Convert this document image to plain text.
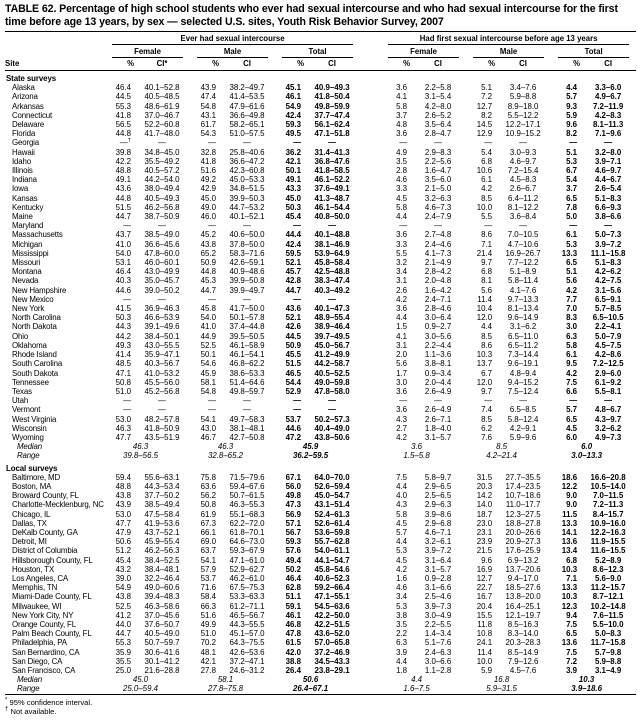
TABLE 62. Percentage of high school students who ever had sexual intercourse and who had sexual intercourse for the first time before age 13 years, by sex — selected U.S. sites, Youth Risk Behavior Survey, 2007

	Ever had sexual intercourse							Had first sexual intercourse before age 13 years					

	Female		Male		Total			Female		Male		Total	

Site	%	CI*	%	CI	%	CI		%	CI	%	CI	%	CI
State surveys													
Alaska	46.4	40.1–52.8	43.9	38.2–49.7	45.1	40.9–49.3		3.6	2.2–5.8	5.1	3.4–7.6	4.4	3.3–6.0
Arizona	44.5	40.5–48.5	47.4	41.4–53.5	46.1	41.8–50.4		4.1	3.1–5.4	7.2	5.9–8.8	5.7	4.9–6.7
Arkansas	55.3	48.6–61.9	54.8	47.9–61.6	54.9	49.8–59.9		5.8	4.2–8.0	12.7	8.9–18.0	9.3	7.2–11.9
Connecticut	41.8	37.0–46.7	43.1	36.6–49.8	42.4	37.7–47.4		3.7	2.6–5.2	8.2	5.5–12.2	5.9	4.2–8.3
Delaware	56.5	52.2–60.8	61.7	58.2–65.1	59.3	56.1–62.4		4.8	3.5–6.4	14.5	12.2–17.1	9.6	8.1–11.3
Florida	44.8	41.7–48.0	54.3	51.0–57.5	49.5	47.1–51.8		3.6	2.8–4.7	12.9	10.9–15.2	8.2	7.1–9.6
Georgia	—†	—	—	—	—	—		—	—	—	—	—	—
Hawaii	39.8	34.8–45.0	32.8	25.8–40.6	36.2	31.4–41.3		4.9	2.9–8.3	5.4	3.0–9.3	5.1	3.2–8.0
Idaho	42.2	35.5–49.2	41.8	36.6–47.2	42.1	36.8–47.6		3.5	2.2–5.6	6.8	4.6–9.7	5.3	3.9–7.1
Illinois	48.8	40.5–57.2	51.6	42.3–60.8	50.1	41.8–58.5		2.8	1.6–4.7	10.6	7.2–15.4	6.7	4.6–9.7
Indiana	49.1	44.2–54.0	49.2	45.0–53.3	49.1	46.1–52.2		4.6	3.5–6.0	6.1	4.5–8.3	5.4	4.4–6.7
Iowa	43.6	38.0–49.4	42.9	34.8–51.5	43.3	37.6–49.1		3.3	2.1–5.0	4.2	2.6–6.7	3.7	2.6–5.4
Kansas	44.8	40.5–49.3	45.0	39.9–50.3	45.0	41.3–48.7		4.5	3.2–6.3	8.5	6.4–11.2	6.5	5.1–8.3
Kentucky	51.5	46.2–56.8	49.0	44.7–53.2	50.3	46.1–54.4		5.8	4.6–7.3	10.0	8.1–12.2	7.8	6.6–9.3
Maine	44.7	38.7–50.9	46.0	40.1–52.1	45.4	40.8–50.0		4.4	2.4–7.9	5.5	3.6–8.4	5.0	3.8–6.6
Maryland	—	—	—	—	—	—		—	—	—	—	—	—
Massachusetts	43.7	38.5–49.0	45.2	40.6–50.0	44.4	40.1–48.8		3.6	2.7–4.8	8.6	7.0–10.5	6.1	5.0–7.3
Michigan	41.0	36.6–45.6	43.8	37.8–50.0	42.4	38.1–46.9		3.3	2.4–4.6	7.1	4.7–10.6	5.3	3.9–7.2
Mississippi	54.0	47.8–60.0	65.2	58.3–71.6	59.5	53.9–64.9		5.5	4.1–7.3	21.4	16.9–26.7	13.3	11.1–15.8
Missouri	53.1	46.0–60.1	50.9	42.6–59.1	52.1	45.8–58.4		3.2	2.1–4.9	9.7	7.7–12.2	6.5	5.1–8.3
Montana	46.4	43.0–49.9	44.8	40.9–48.6	45.7	42.5–48.8		3.4	2.8–4.2	6.8	5.1–8.9	5.1	4.2–6.2
Nevada	40.3	35.0–45.7	45.3	39.9–50.8	42.8	38.3–47.4		3.1	2.0–4.8	8.1	5.8–11.4	5.6	4.2–7.5
New Hampshire	44.6	39.0–50.2	44.7	39.9–49.7	44.7	40.3–49.2		2.6	1.6–4.2	5.6	4.1–7.6	4.2	3.1–5.6
New Mexico	—	—	—	—	—	—		4.2	2.4–7.1	11.4	9.7–13.3	7.7	6.5–9.1
New York	41.5	36.9–46.3	45.8	41.7–50.0	43.6	40.1–47.3		3.6	2.8–4.6	10.4	8.1–13.4	7.0	5.7–8.5
North Carolina	50.3	46.6–53.9	54.0	50.1–57.8	52.1	48.9–55.4		4.4	3.0–6.4	12.0	9.6–14.9	8.3	6.5–10.5
North Dakota	44.3	39.1–49.6	41.0	37.4–44.8	42.6	38.9–46.4		1.5	0.9–2.7	4.4	3.1–6.2	3.0	2.2–4.1
Ohio	44.2	38.4–50.1	44.9	39.5–50.5	44.5	39.7–49.5		4.1	3.0–5.6	8.5	6.5–11.0	6.3	5.0–7.9
Oklahoma	49.3	43.0–55.5	52.5	46.1–58.9	50.9	45.0–56.7		3.1	2.2–4.4	8.6	6.5–11.2	5.8	4.5–7.5
Rhode Island	41.4	35.9–47.1	50.1	46.1–54.1	45.5	41.2–49.9		2.0	1.1–3.6	10.3	7.3–14.4	6.1	4.2–8.6
South Carolina	48.5	40.3–56.7	54.6	46.8–62.2	51.5	44.2–58.7		5.6	3.8–8.1	13.7	9.6–19.1	9.5	7.2–12.5
South Dakota	47.1	41.0–53.2	45.9	38.6–53.3	46.5	40.5–52.5		1.7	0.9–3.4	6.7	4.8–9.4	4.2	2.9–6.0
Tennessee	50.8	45.5–56.0	58.1	51.4–64.6	54.4	49.0–59.8		3.0	2.0–4.4	12.0	9.4–15.2	7.5	6.1–9.2
Texas	51.0	45.2–56.8	54.8	49.8–59.7	52.9	47.8–58.0		3.6	2.6–4.9	9.7	7.5–12.4	6.6	5.5–8.1
Utah	—	—	—	—	—	—		—	—	—	—	—	—
Vermont	—	—	—	—	—	—		3.6	2.6–4.9	7.4	6.5–8.5	5.7	4.8–6.7
West Virginia	53.0	48.2–57.8	54.1	49.7–58.3	53.7	50.2–57.3		4.3	2.6–7.1	8.5	5.8–12.4	6.5	4.3–9.7
Wisconsin	46.3	41.8–50.9	43.0	38.1–48.1	44.6	40.4–49.0		2.7	1.8–4.0	6.2	4.2–9.1	4.5	3.2–6.2
Wyoming	47.7	43.5–51.9	46.7	42.7–50.8	47.2	43.8–50.6		4.2	3.1–5.7	7.6	5.9–9.6	6.0	4.9–7.3
Median	46.3		46.3		45.9			3.6		8.5		6.0	
Range	39.8–56.5		32.8–65.2		36.2–59.5			1.5–5.8		4.2–21.4		3.0–13.3	
Local surveys													
Baltimore, MD	59.4	55.6–63.1	75.8	71.5–79.6	67.1	64.0–70.0		7.5	5.8–9.7	31.5	27.7–35.5	18.6	16.6–20.8
Boston, MA	48.8	44.3–53.4	63.6	59.4–67.6	56.0	52.6–59.4		4.4	2.9–6.5	20.3	17.4–23.5	12.2	10.5–14.0
Broward County, FL	43.8	37.7–50.2	56.2	50.7–61.5	49.8	45.0–54.7		4.0	2.5–6.5	14.2	10.7–18.6	9.0	7.0–11.5
Charlotte-Mecklenburg, NC	43.9	38.5–49.4	50.8	46.3–55.3	47.3	43.1–51.4		4.3	2.9–6.3	14.0	11.0–17.7	9.0	7.2–11.3
Chicago, IL	53.0	47.5–58.4	61.9	55.1–68.3	56.9	52.4–61.3		5.8	3.9–8.6	18.7	12.3–27.5	11.5	8.4–15.7
Dallas, TX	47.7	41.9–53.6	67.3	62.2–72.0	57.1	52.6–61.4		4.5	2.9–6.8	23.0	18.8–27.8	13.3	10.9–16.0
DeKalb County, GA	47.9	43.7–52.1	66.1	61.8–70.1	56.7	53.6–59.8		5.7	4.6–7.1	23.1	20.0–26.6	14.1	12.2–16.3
Detroit, MI	50.6	45.9–55.4	69.0	64.6–73.0	59.3	55.7–62.8		4.4	3.2–6.1	23.9	20.9–27.3	13.6	11.9–15.5
District of Columbia	51.2	46.2–56.3	63.7	59.3–67.9	57.6	54.0–61.1		5.3	3.9–7.2	21.5	17.6–25.9	13.4	11.6–15.5
Hillsborough County, FL	45.4	38.4–52.5	54.1	47.1–61.0	49.4	44.1–54.7		4.5	3.1–6.4	9.6	6.9–13.2	6.8	5.2–8.9
Houston, TX	43.2	38.4–48.1	57.9	52.9–62.7	50.2	45.8–54.6		4.2	3.1–5.7	16.9	13.7–20.6	10.3	8.6–12.3
Los Angeles, CA	39.0	32.2–46.4	53.7	46.2–61.0	46.4	40.6–52.3		1.6	0.9–2.8	12.7	9.4–17.0	7.1	5.6–9.0
Memphis, TN	54.9	49.0–60.6	71.6	67.5–75.3	62.8	59.2–66.4		4.6	3.1–6.6	22.7	18.5–27.6	13.3	11.2–15.7
Miami-Dade County, FL	43.8	39.4–48.3	58.4	53.3–63.3	51.1	47.1–55.1		3.4	2.5–4.6	16.7	13.8–20.0	10.3	8.7–12.1
Milwaukee, WI	52.5	46.3–58.6	66.3	61.2–71.1	59.1	54.5–63.6		5.3	3.9–7.3	20.4	16.4–25.1	12.3	10.2–14.8
New York City, NY	41.2	37.0–45.6	51.6	46.5–56.7	46.1	42.2–50.0		3.8	3.0–4.9	15.5	12.1–19.7	9.4	7.6–11.5
Orange County, FL	44.0	37.6–50.7	49.9	44.3–55.5	46.8	42.2–51.5		3.5	2.2–5.5	11.8	8.5–16.3	7.5	5.5–10.0
Palm Beach County, FL	44.7	40.5–49.0	51.0	45.1–57.0	47.8	43.6–52.0		2.2	1.4–3.4	10.8	8.3–14.0	6.5	5.0–8.3
Philadelphia, PA	55.3	50.7–59.7	70.2	64.3–75.5	61.5	57.0–65.8		6.3	5.1–7.6	24.1	20.3–28.3	13.6	11.7–15.8
San Bernardino, CA	35.9	30.6–41.6	48.1	42.6–53.6	42.0	37.2–46.9		3.9	2.4–6.3	11.4	8.5–14.9	7.5	5.7–9.8
San Diego, CA	35.5	30.1–41.2	42.1	37.2–47.1	38.8	34.5–43.3		4.4	3.0–6.6	10.0	7.9–12.6	7.2	5.9–8.8
San Francisco, CA	25.0	21.6–28.8	27.8	24.6–31.2	26.4	23.8–29.1		1.8	1.1–2.8	5.9	4.5–7.6	3.9	3.1–4.9
Median	45.0		58.1		50.6			4.4		16.8		10.3	
Range	25.0–59.4		27.8–75.8		26.4–67.1			1.6–7.5		5.9–31.5		3.9–18.6	
* 95% confidence interval.
† Not available.
